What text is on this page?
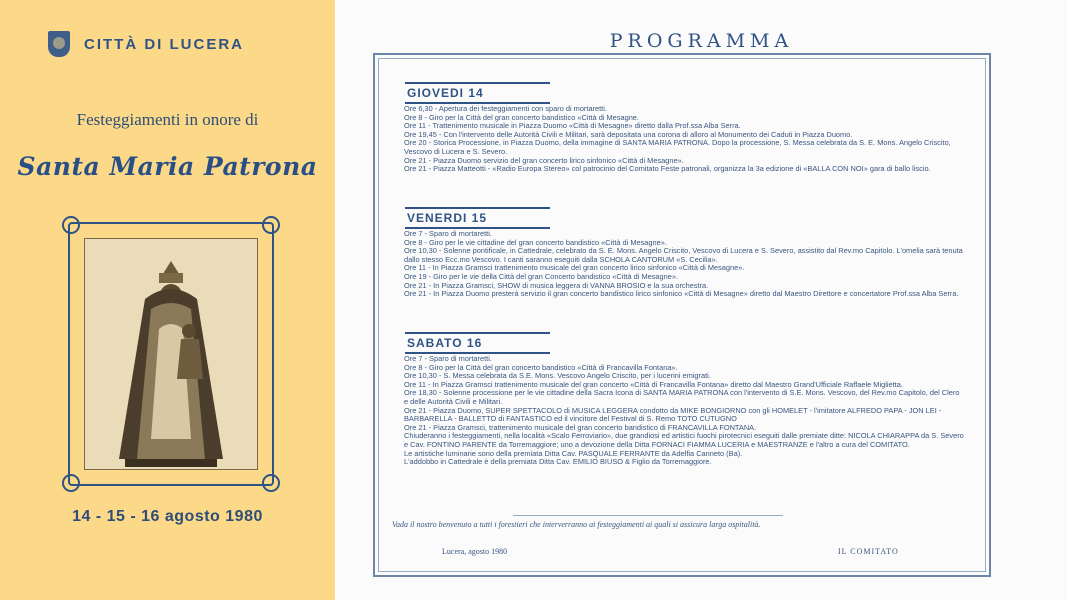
CITTÀ DI LUCERA
Festeggiamenti in onore di
Santa Maria Patrona
14 - 15 - 16 agosto 1980
PROGRAMMA
GIOVEDI 14

Ore 6,30 - Apertura dei festeggiamenti con sparo di mortaretti.

Ore 8 - Giro per la Città del gran concerto bandistico «Città di Mesagne.

Ore 11 - Trattenimento musicale in Piazza Duomo «Città di Mesagne» diretto dalla Prof.ssa Alba Serra.

Ore 19,45 - Con l'intervento delle Autorità Civili e Militari, sarà depositata una corona di alloro al Monumento dei Caduti in Piazza Duomo.

Ore 20 - Storica Processione, in Piazza Duomo, della immagine di SANTA MARIA PATRONA. Dopo la processione, S. Messa celebrata da S. E. Mons. Angelo Criscito, Vescovo di Lucera e S. Severo.

Ore 21 - Piazza Duomo servizio del gran concerto lirico sinfonico «Città di Mesagne».

Ore 21 - Piazza Matteotti - «Radio Europa Stereo» col patrocinio del Comitato Feste patronali, organizza la 3a edizione di «BALLA CON NOI» gara di ballo liscio.

VENERDI 15

Ore 7 - Sparo di mortaretti.

Ore 8 - Giro per le vie cittadine del gran concerto bandistico «Città di Mesagne».

Ore 10,30 - Solenne pontificale, in Cattedrale, celebrato da S. E. Mons. Angelo Criscito, Vescovo di Lucera e S. Severo, assistito dal Rev.mo Capitolo. L'omelia sarà tenuta dallo stesso Ecc.mo Vescovo. I canti saranno eseguiti dalla SCHOLA CANTORUM «S. Cecilia».

Ore 11 - In Piazza Gramsci trattenimento musicale del gran concerto lirico sinfonico «Città di Mesagne».

Ore 19 - Giro per le vie della Città del gran Concerto bandistico «Città di Mesagne».

Ore 21 - In Piazza Gramsci, SHOW di musica leggera di VANNA BROSIO e la sua orchestra.

Ore 21 - In Piazza Duomo presterà servizio il gran concerto bandistico lirico sinfonico «Città di Mesagne» diretto dal Maestro Direttore e concertatore Prof.ssa Alba Serra.

SABATO 16

Ore 7 - Sparo di mortaretti.

Ore 8 - Giro per la Città del gran concerto bandistico «Città di Francavilla Fontana».

Ore 10,30 - S. Messa celebrata da S.E. Mons. Vescovo Angelo Criscito, per i lucerini emigrati.

Ore 11 - In Piazza Gramsci trattenimento musicale del gran concerto «Città di Francavilla Fontana» diretto dal Maestro Grand'Ufficiale Raffaele Miglietta.

Ore 18,30 - Solenne processione per le vie cittadine della Sacra Icona di SANTA MARIA PATRONA con l'intervento di S.E. Mons. Vescovo, del Rev.mo Capitolo, del Clero e delle Autorità Civili e Militari.

Ore 21 - Piazza Duomo, SUPER SPETTACOLO di MUSICA LEGGERA condotto da MIKE BONGIORNO con gli HOMELET - l'imitatore ALFREDO PAPA - JON LEI - BARBARELLA - BALLETTO di FANTASTICO ed il vincitore del Festival di S. Remo TOTO CUTUGNO

Ore 21 - Piazza Gramsci, trattenimento musicale del gran concerto bandistico di FRANCAVILLA FONTANA.

Chiuderanno i festeggiamenti, nella località «Scalo Ferroviario», due grandiosi ed artistici fuochi pirotecnici eseguiti dalle premiate ditte: NICOLA CHIARAPPA da S. Severo e Cav. FONTINO PARENTE da Torremaggiore; uno a devozione della Ditta FORNACI FIAMMA LUCERIA e MAESTRANZE e l'altro a cura del COMITATO.

Le artistiche luminarie sono della premiata Ditta Cav. PASQUALE FERRANTE da Adelfia Canneto (Ba).

L'addobbo in Cattedrale è della premiata Ditta Cav. EMILIO BIUSO & Figlio da Torremaggiore.

Vada il nostro benvenuto a tutti i forestieri che interverranno ai festeggiamenti ai quali si assicura larga ospitalità.
Lucera, agosto 1980	IL COMITATO
